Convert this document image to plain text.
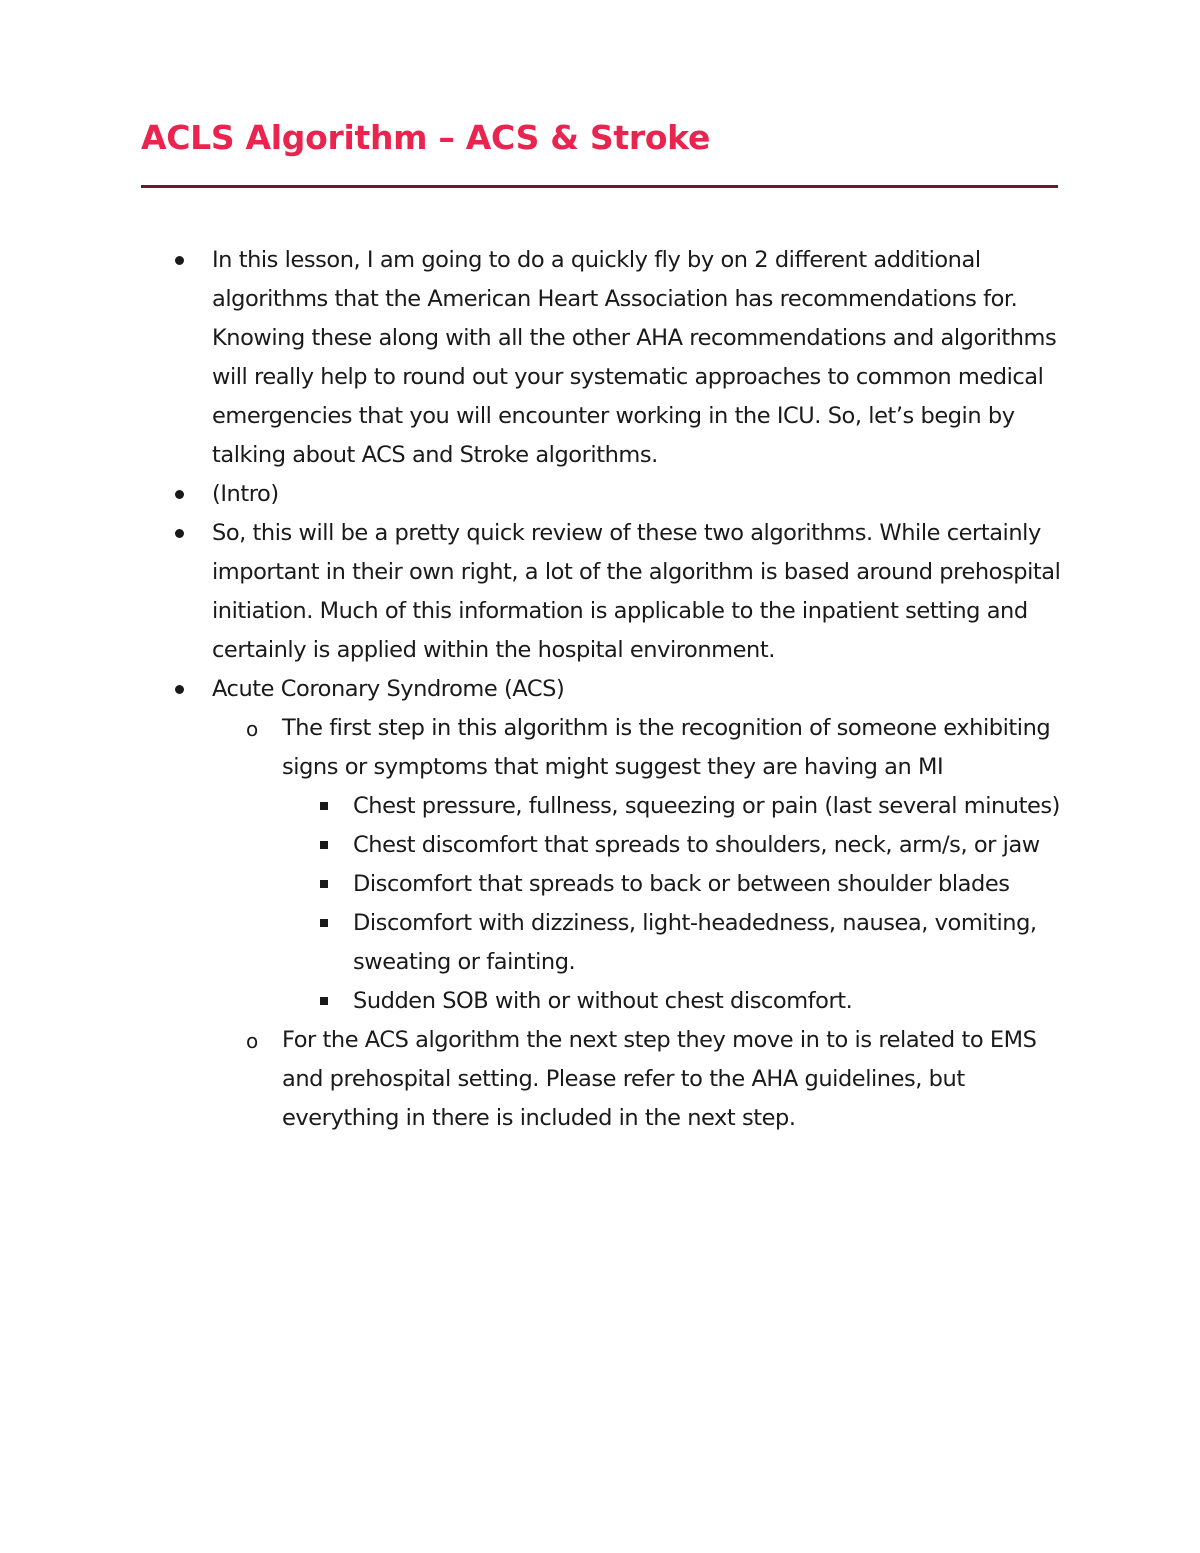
ACLS Algorithm – ACS & Stroke

In this lesson, I am going to do a quickly fly by on 2 different additional algorithms that the American Heart Association has recommendations for. Knowing these along with all the other AHA recommendations and algorithms will really help to round out your systematic approaches to common medical emergencies that you will encounter working in the ICU. So, let’s begin by talking about ACS and Stroke algorithms.

(Intro)

So, this will be a pretty quick review of these two algorithms. While certainly important in their own right, a lot of the algorithm is based around prehospital initiation. Much of this information is applicable to the inpatient setting and certainly is applied within the hospital environment.

Acute Coronary Syndrome (ACS)

o The first step in this algorithm is the recognition of someone exhibiting signs or symptoms that might suggest they are having an MI

Chest pressure, fullness, squeezing or pain (last several minutes)

Chest discomfort that spreads to shoulders, neck, arm/s, or jaw

Discomfort that spreads to back or between shoulder blades

Discomfort with dizziness, light-headedness, nausea, vomiting, sweating or fainting.

Sudden SOB with or without chest discomfort.

o For the ACS algorithm the next step they move in to is related to EMS and prehospital setting. Please refer to the AHA guidelines, but everything in there is included in the next step.
